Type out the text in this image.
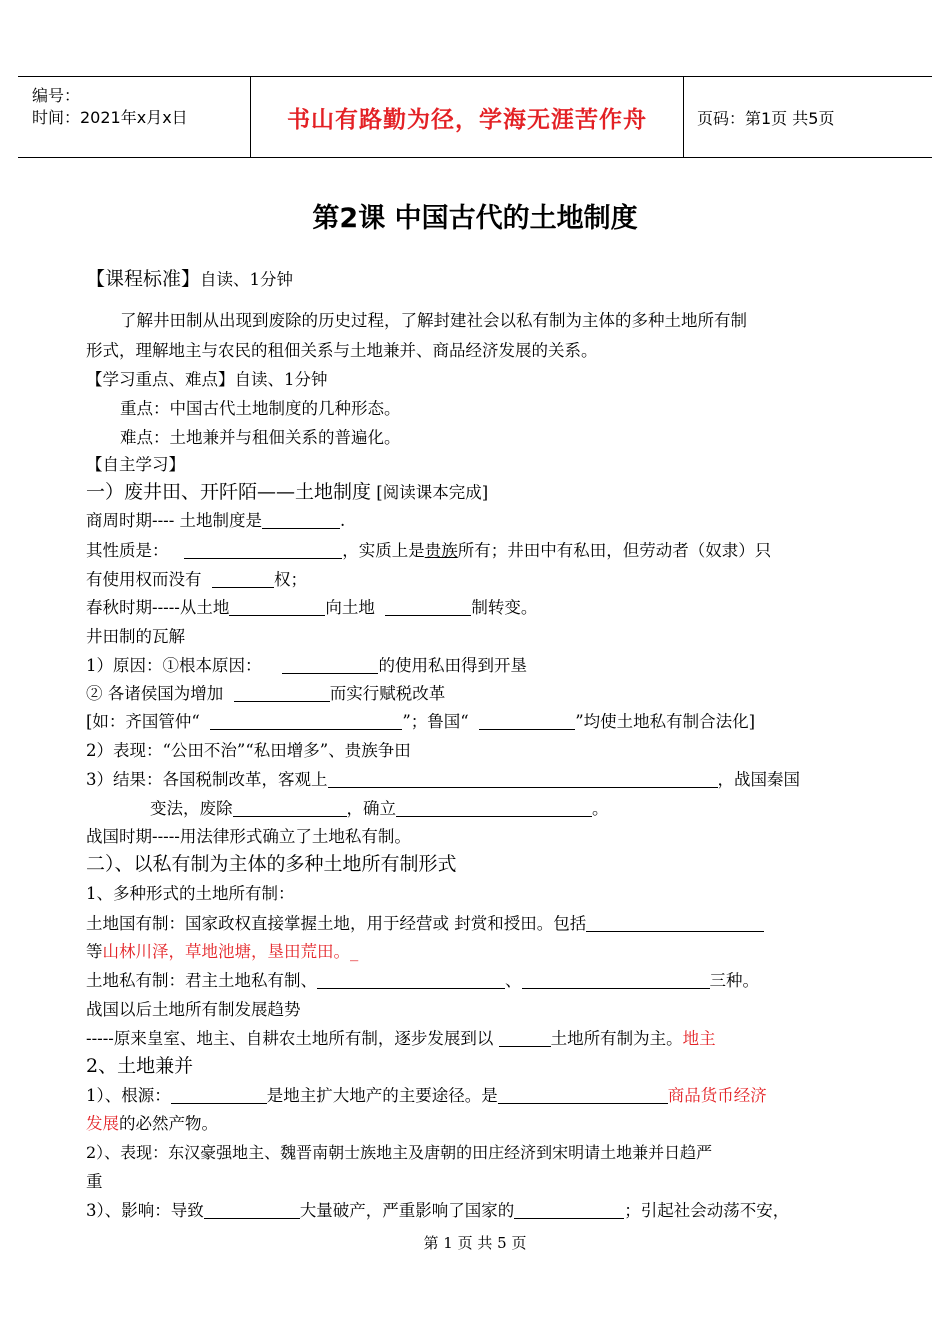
编号：
时间：2021年x月x日	书山有路勤为径，学海无涯苦作舟	页码：第1页 共5页
第2课 中国古代的土地制度
【课程标准】自读、1分钟
了解井田制从出现到废除的历史过程，了解封建社会以私有制为主体的多种土地所有制
形式，理解地主与农民的租佃关系与土地兼并、商品经济发展的关系。
【学习重点、难点】自读、1分钟
重点：中国古代土地制度的几种形态。
难点：土地兼并与租佃关系的普遍化。
【自主学习】
一）废井田、开阡陌——土地制度 [阅读课本完成]
商周时期---- 土地制度是	.
其性质是：	，实质上是贵族所有；井田中有私田，但劳动者（奴隶）只
有使用权而没有	权；
春秋时期-----从土地	向土地	制转变。
井田制的瓦解
1）原因：①根本原因：	的使用私田得到开垦
② 各诸侯国为增加	而实行赋税改革
[如：齐国管仲“	”；鲁国“	”均使土地私有制合法化]
2）表现：“公田不治”“私田增多”、贵族争田
3）结果：各国税制改革，客观上	，战国秦国
变法，废除	，确立	。
战国时期-----用法律形式确立了土地私有制。
二）、以私有制为主体的多种土地所有制形式
1、多种形式的土地所有制：
土地国有制：国家政权直接掌握土地，用于经营或 封赏和授田。包括
等山林川泽，草地池塘，垦田荒田。_
土地私有制：君主土地私有制、	、	三种。
战国以后土地所有制发展趋势
-----原来皇室、地主、自耕农土地所有制，逐步发展到以	土地所有制为主。地主
2、土地兼并
1）、根源：	是地主扩大地产的主要途径。是	商品货币经济
发展的必然产物。
2）、表现：东汉豪强地主、魏晋南朝士族地主及唐朝的田庄经济到宋明请土地兼并日趋严
重
3）、影响：导致	大量破产，严重影响了国家的	；引起社会动荡不安，
第 1 页 共 5 页
